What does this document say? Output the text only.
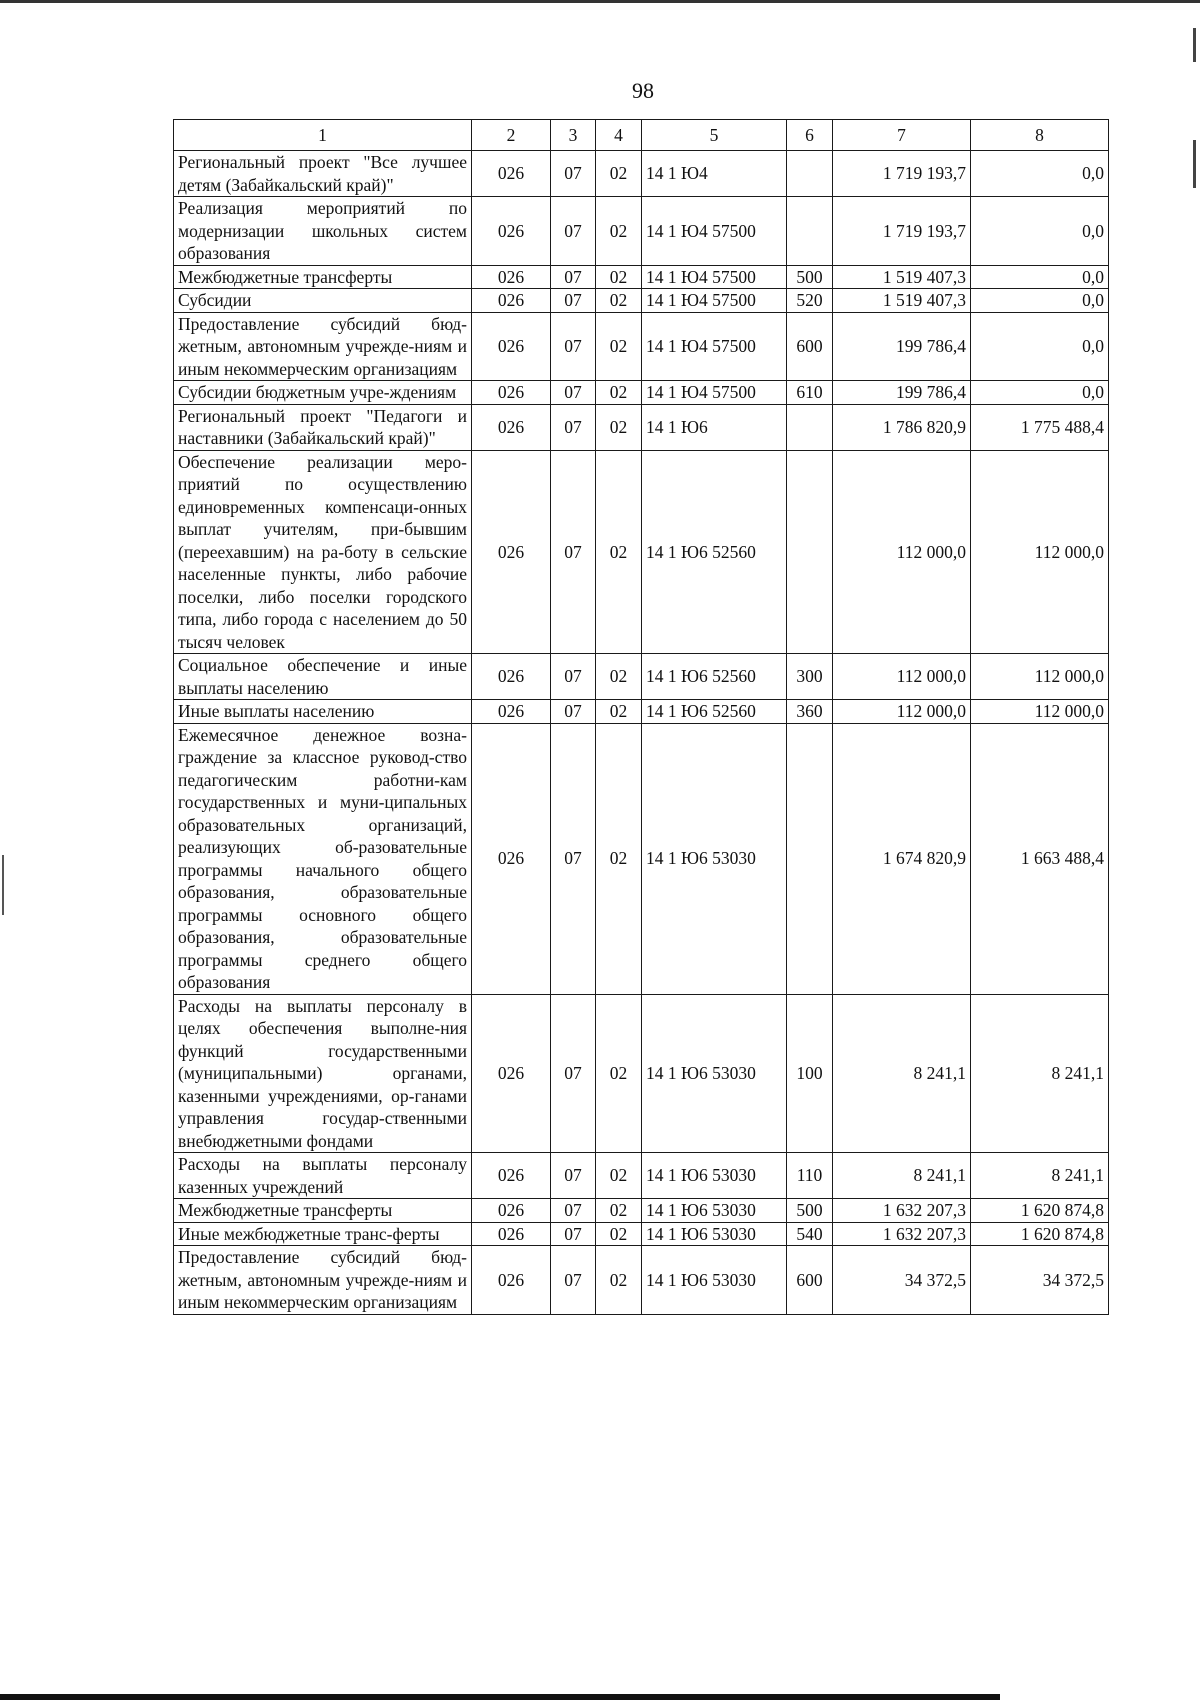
98
1	2	3	4	5	6	7	8
Региональный проект "Все лучшее детям (Забайкальский край)"	026	07	02	14 1 Ю4		1 719 193,7	0,0
Реализация мероприятий по модернизации школьных систем образования	026	07	02	14 1 Ю4 57500		1 719 193,7	0,0
Межбюджетные трансферты	026	07	02	14 1 Ю4 57500	500	1 519 407,3	0,0
Субсидии	026	07	02	14 1 Ю4 57500	520	1 519 407,3	0,0
Предоставление субсидий бюд-жетным, автономным учрежде-ниям и иным некоммерческим организациям	026	07	02	14 1 Ю4 57500	600	199 786,4	0,0
Субсидии бюджетным учре-ждениям	026	07	02	14 1 Ю4 57500	610	199 786,4	0,0
Региональный проект "Педагоги и наставники (Забайкальский край)"	026	07	02	14 1 Ю6		1 786 820,9	1 775 488,4
Обеспечение реализации меро-приятий по осуществлению единовременных компенсаци-онных выплат учителям, при-бывшим (переехавшим) на ра-боту в сельские населенные пункты, либо рабочие поселки, либо поселки городского типа, либо города с населением до 50 тысяч человек	026	07	02	14 1 Ю6 52560		112 000,0	112 000,0
Социальное обеспечение и иные выплаты населению	026	07	02	14 1 Ю6 52560	300	112 000,0	112 000,0
Иные выплаты населению	026	07	02	14 1 Ю6 52560	360	112 000,0	112 000,0
Ежемесячное денежное возна-граждение за классное руковод-ство педагогическим работни-кам государственных и муни-ципальных образовательных организаций, реализующих об-разовательные программы начального общего образования, образовательные программы основного общего образования, образовательные программы среднего общего образования	026	07	02	14 1 Ю6 53030		1 674 820,9	1 663 488,4
Расходы на выплаты персоналу в целях обеспечения выполне-ния функций государственными (муниципальными) органами, казенными учреждениями, ор-ганами управления государ-ственными внебюджетными фондами	026	07	02	14 1 Ю6 53030	100	8 241,1	8 241,1
Расходы на выплаты персоналу казенных учреждений	026	07	02	14 1 Ю6 53030	110	8 241,1	8 241,1
Межбюджетные трансферты	026	07	02	14 1 Ю6 53030	500	1 632 207,3	1 620 874,8
Иные межбюджетные транс-ферты	026	07	02	14 1 Ю6 53030	540	1 632 207,3	1 620 874,8
Предоставление субсидий бюд-жетным, автономным учрежде-ниям и иным некоммерческим организациям	026	07	02	14 1 Ю6 53030	600	34 372,5	34 372,5
